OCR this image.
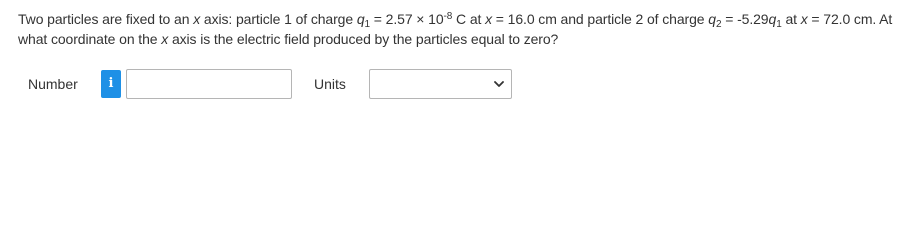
Two particles are fixed to an x axis: particle 1 of charge $q_1 = 2.57 \times 10^{-8}$ C at x = 16.0 cm and particle 2 of charge $q_2 = -5.29q_1$ at x = 72.0 cm. At what coordinate on the x axis is the electric field produced by the particles equal to zero?
Number	i	Units
